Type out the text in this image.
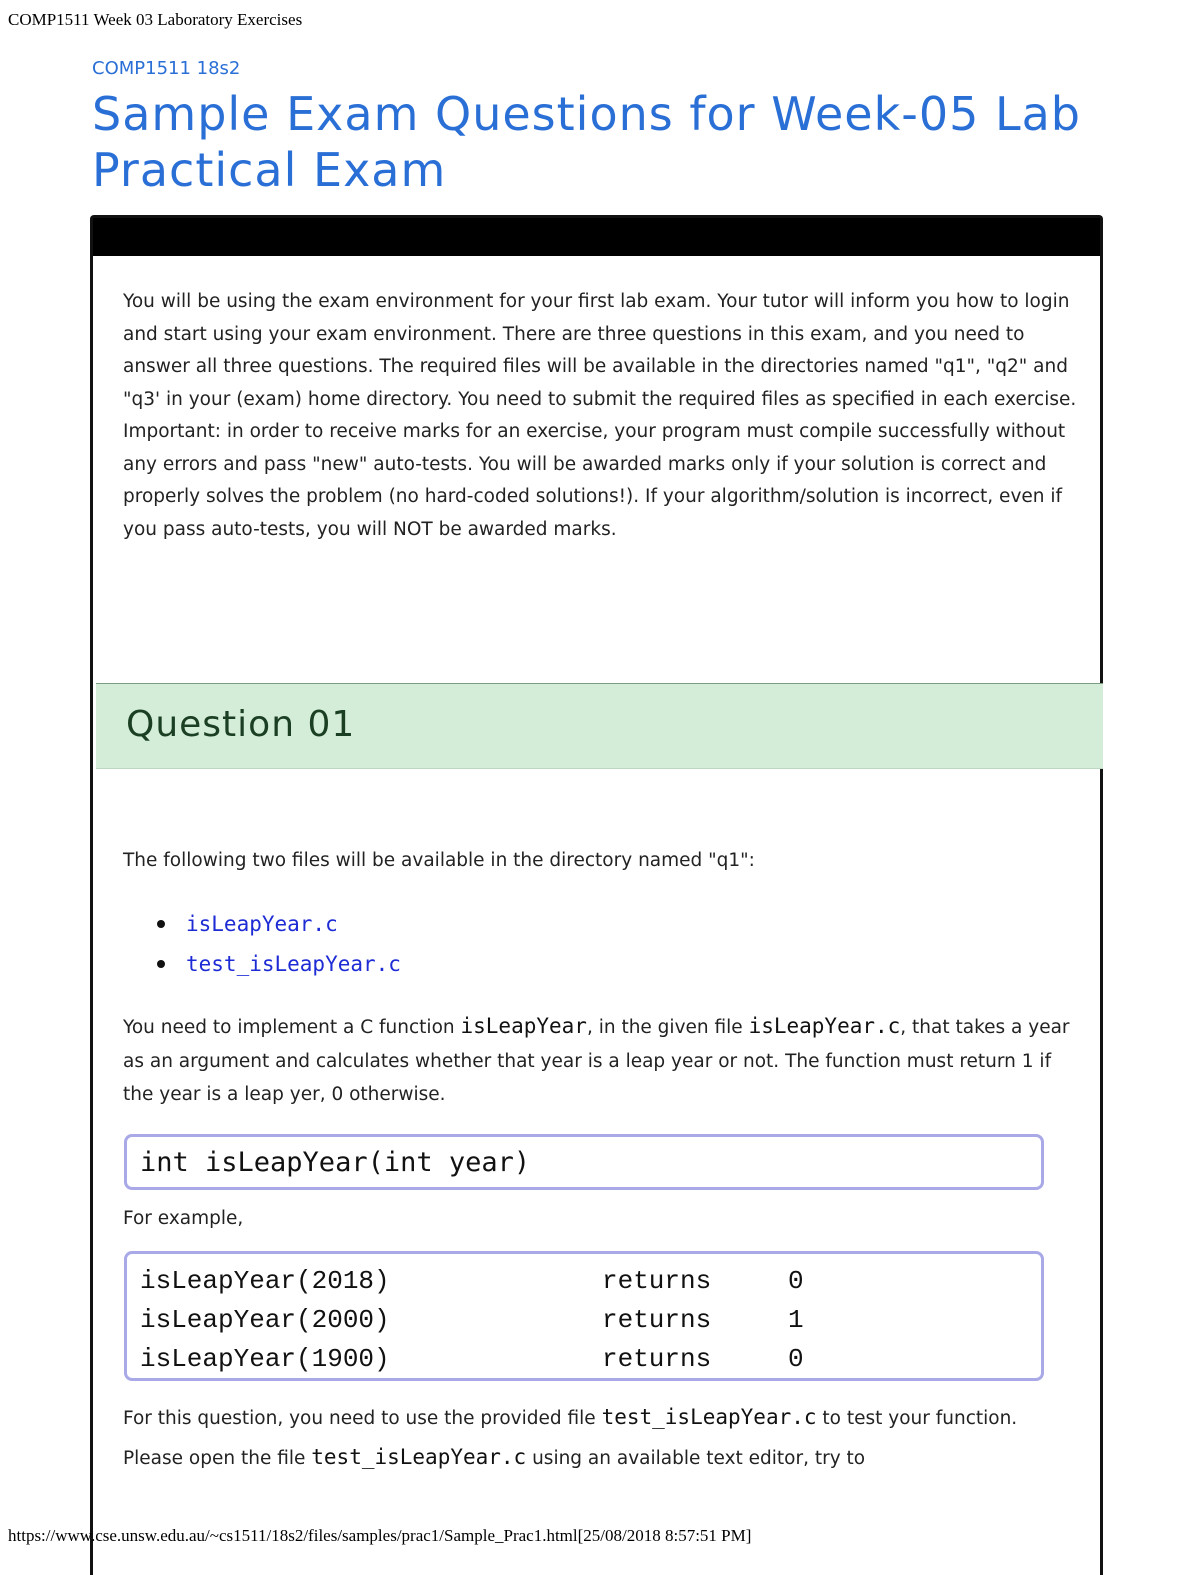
COMP1511 Week 03 Laboratory Exercises
COMP1511 18s2
Sample Exam Questions for Week-05 Lab Practical Exam

You will be using the exam environment for your first lab exam. Your tutor will inform you how to login and start using your exam environment. There are three questions in this exam, and you need to answer all three questions. The required files will be available in the directories named "q1", "q2" and "q3' in your (exam) home directory. You need to submit the required files as specified in each exercise.
Important: in order to receive marks for an exercise, your program must compile successfully without any errors and pass "new" auto-tests. You will be awarded marks only if your solution is correct and properly solves the problem (no hard-coded solutions!). If your algorithm/solution is incorrect, even if you pass auto-tests, you will NOT be awarded marks.

Question 01

The following two files will be available in the directory named "q1":

isLeapYear.c
test_isLeapYear.c

You need to implement a C function isLeapYear, in the given file isLeapYear.c, that takes a year as an argument and calculates whether that year is a leap year or not. The function must return 1 if the year is a leap yer, 0 otherwise.

int isLeapYear(int year)

For example,

isLeapYear(2018)	returns	0
isLeapYear(2000)	returns	1
isLeapYear(1900)	returns	0

For this question, you need to use the provided file test_isLeapYear.c to test your function. Please open the file test_isLeapYear.c using an available text editor, try to

https://www.cse.unsw.edu.au/~cs1511/18s2/files/samples/prac1/Sample_Prac1.html[25/08/2018 8:57:51 PM]
